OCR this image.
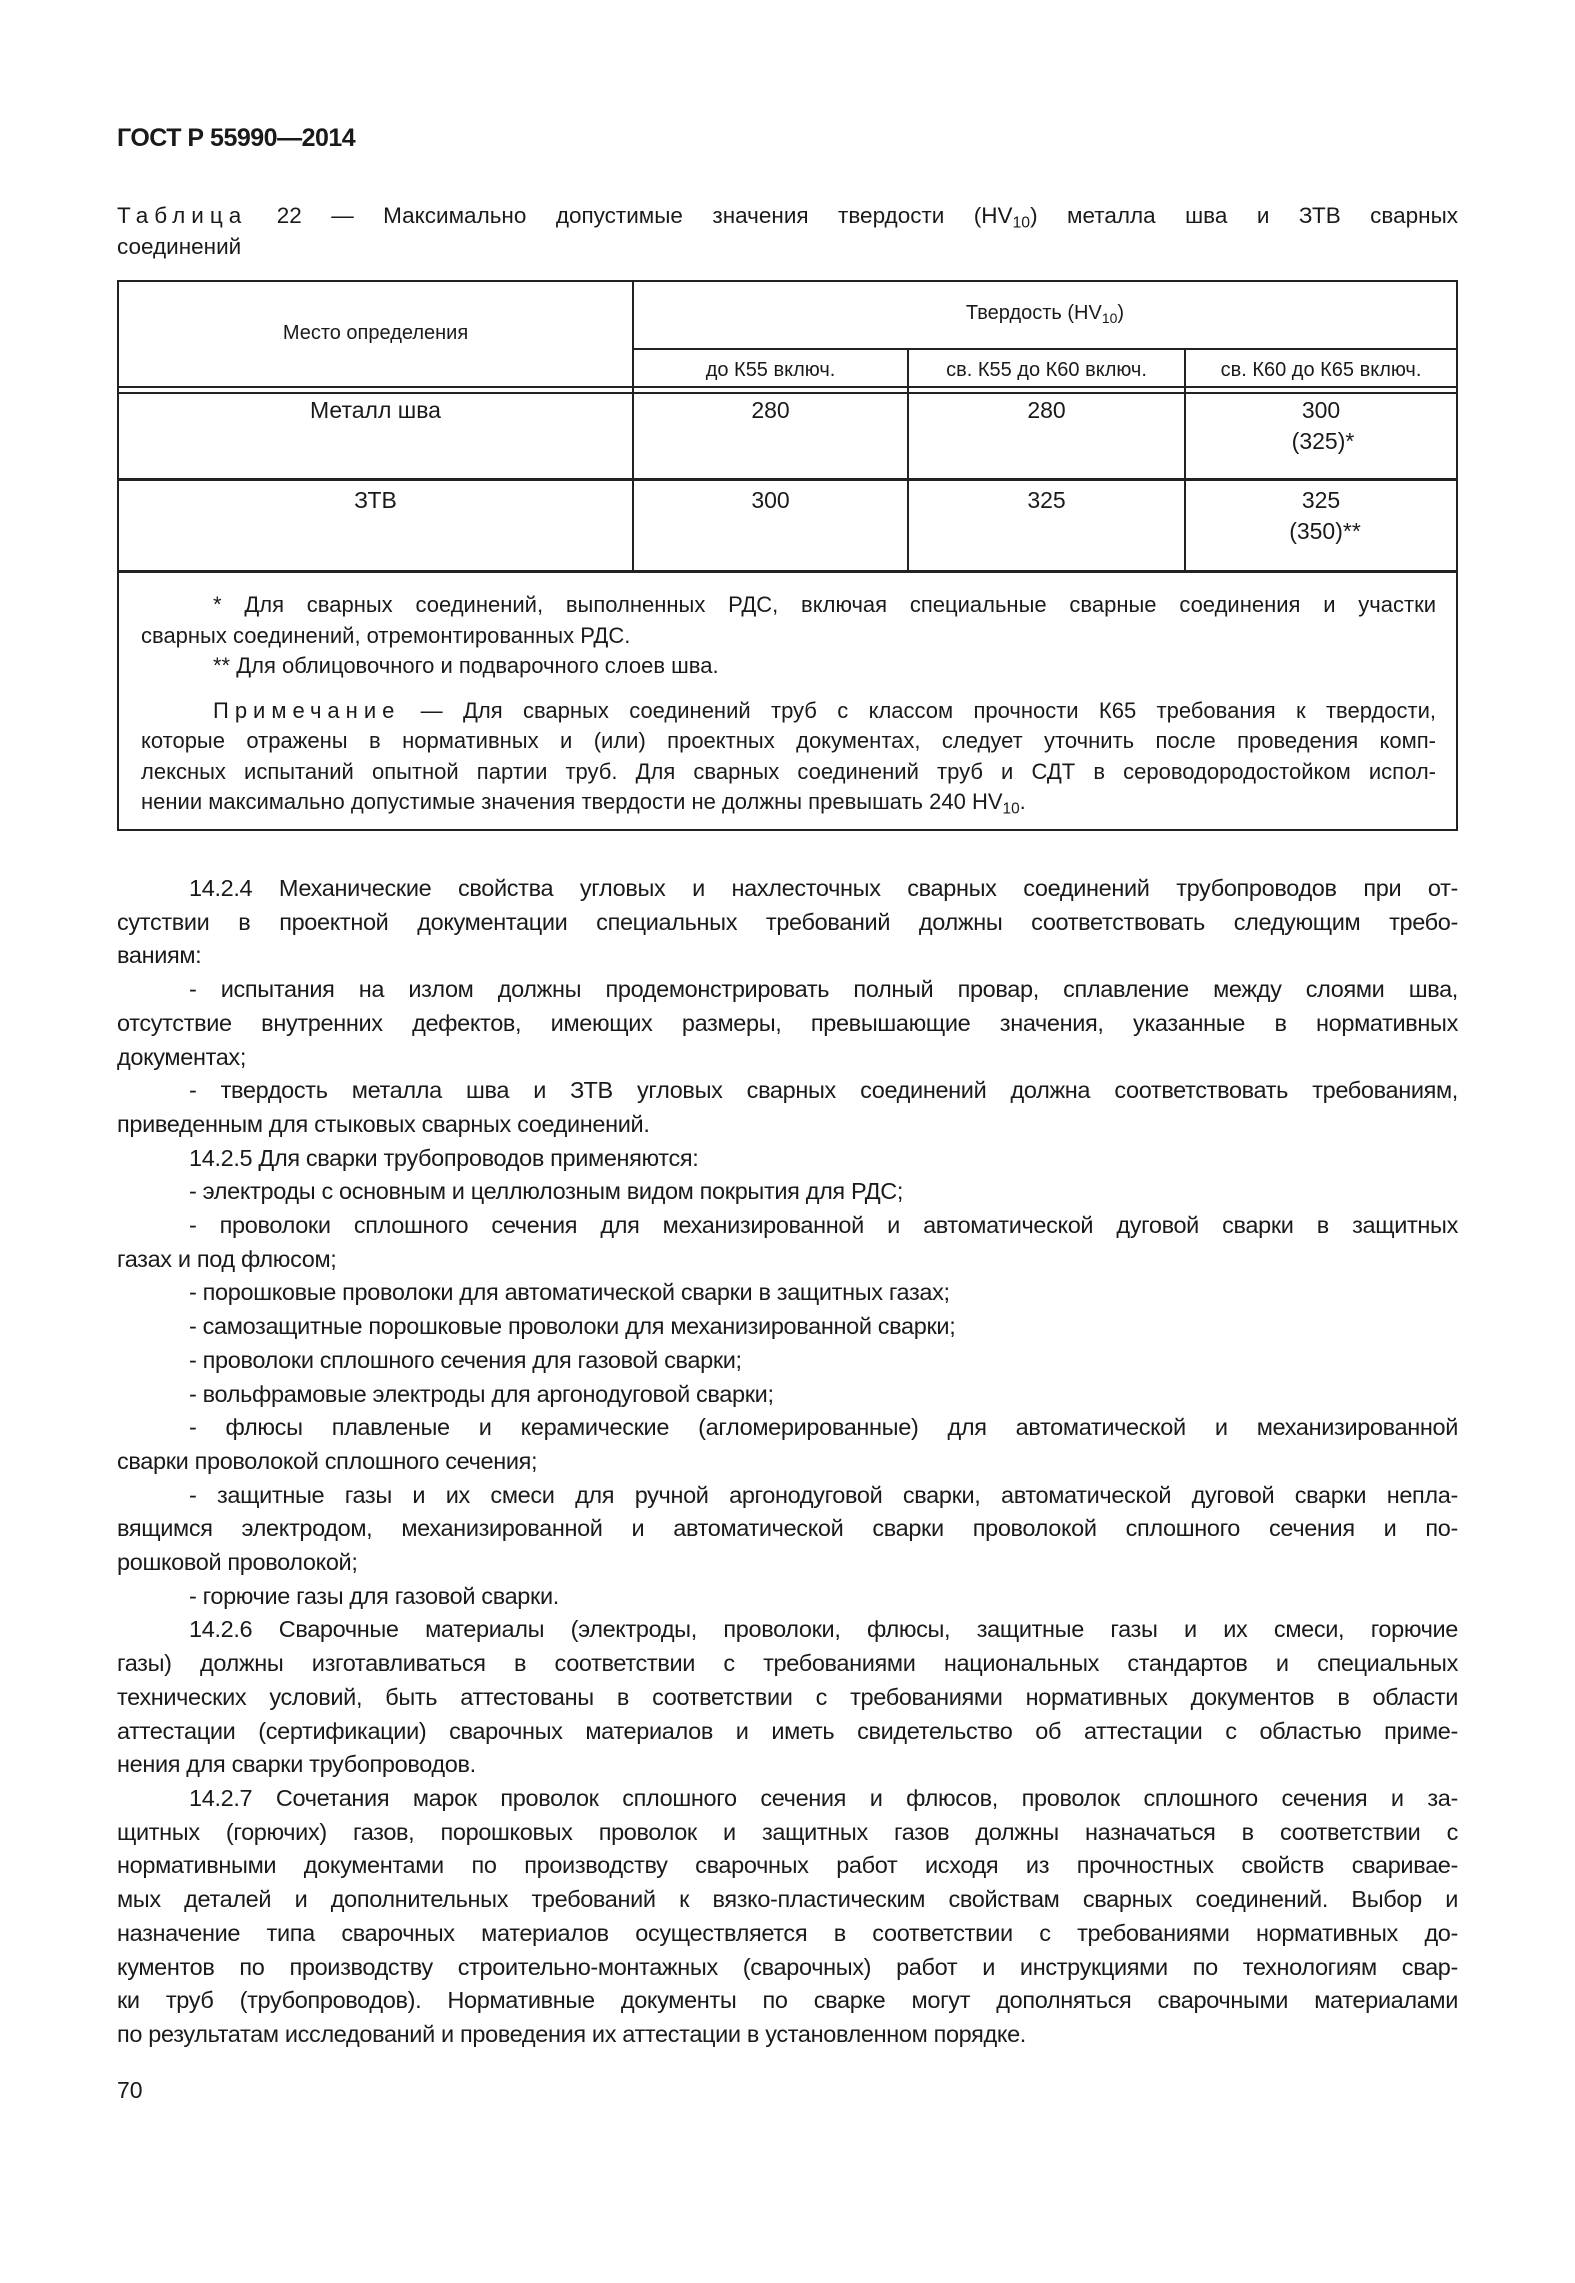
ГОСТ Р 55990—2014
Таблица 22 — Максимально допустимые значения твердости $(HV_{10})$ металла шва и ЗТВ сварных
соединений
Место определения
Твердость $(HV_{10})$
до К55 включ.	св. К55 до К60 включ.	св. К60 до К65 включ.
Металл шва	280	280	300
(325)*
ЗТВ	300	325	325
(350)**
* Для сварных соединений, выполненных РДС, включая специальные сварные соединения и участки
сварных соединений, отремонтированных РДС.
** Для облицовочного и подварочного слоев шва.
Примечание — Для сварных соединений труб с классом прочности К65 требования к твердости,
которые отражены в нормативных и (или) проектных документах, следует уточнить после проведения комп-
лексных испытаний опытной партии труб. Для сварных соединений труб и СДТ в сероводородостойком испол-
нении максимально допустимые значения твердости не должны превышать 240 $HV_{10}$.
14.2.4 Механические свойства угловых и нахлесточных сварных соединений трубопроводов при от-
сутствии в проектной документации специальных требований должны соответствовать следующим требо-
ваниям:
- испытания на излом должны продемонстрировать полный провар, сплавление между слоями шва,
отсутствие внутренних дефектов, имеющих размеры, превышающие значения, указанные в нормативных
документах;
- твердость металла шва и ЗТВ угловых сварных соединений должна соответствовать требованиям,
приведенным для стыковых сварных соединений.
14.2.5 Для сварки трубопроводов применяются:
- электроды с основным и целлюлозным видом покрытия для РДС;
- проволоки сплошного сечения для механизированной и автоматической дуговой сварки в защитных
газах и под флюсом;
- порошковые проволоки для автоматической сварки в защитных газах;
- самозащитные порошковые проволоки для механизированной сварки;
- проволоки сплошного сечения для газовой сварки;
- вольфрамовые электроды для аргонодуговой сварки;
- флюсы плавленые и керамические (агломерированные) для автоматической и механизированной
сварки проволокой сплошного сечения;
- защитные газы и их смеси для ручной аргонодуговой сварки, автоматической дуговой сварки непла-
вящимся электродом, механизированной и автоматической сварки проволокой сплошного сечения и по-
рошковой проволокой;
- горючие газы для газовой сварки.
14.2.6 Сварочные материалы (электроды, проволоки, флюсы, защитные газы и их смеси, горючие
газы) должны изготавливаться в соответствии с требованиями национальных стандартов и специальных
технических условий, быть аттестованы в соответствии с требованиями нормативных документов в области
аттестации (сертификации) сварочных материалов и иметь свидетельство об аттестации с областью приме-
нения для сварки трубопроводов.
14.2.7 Сочетания марок проволок сплошного сечения и флюсов, проволок сплошного сечения и за-
щитных (горючих) газов, порошковых проволок и защитных газов должны назначаться в соответствии с
нормативными документами по производству сварочных работ исходя из прочностных свойств сваривае-
мых деталей и дополнительных требований к вязко-пластическим свойствам сварных соединений. Выбор и
назначение типа сварочных материалов осуществляется в соответствии с требованиями нормативных до-
кументов по производству строительно-монтажных (сварочных) работ и инструкциями по технологиям свар-
ки труб (трубопроводов). Нормативные документы по сварке могут дополняться сварочными материалами
по результатам исследований и проведения их аттестации в установленном порядке.
70
